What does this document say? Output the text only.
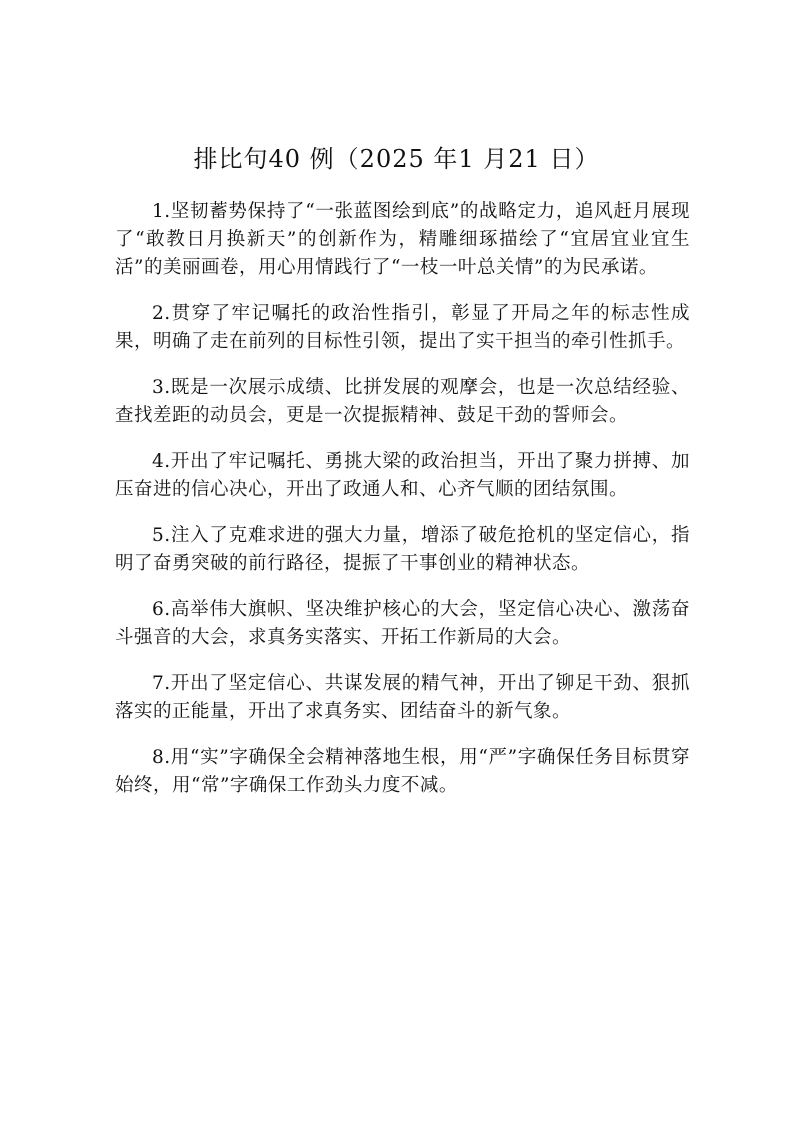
排比句40 例（2025 年1 月21 日）

1.坚韧蓄势保持了“一张蓝图绘到底”的战略定力，追风赶月展现了“敢教日月换新天”的创新作为，精雕细琢描绘了“宜居宜业宜生活”的美丽画卷，用心用情践行了“一枝一叶总关情”的为民承诺。

2.贯穿了牢记嘱托的政治性指引，彰显了开局之年的标志性成果，明确了走在前列的目标性引领，提出了实干担当的牵引性抓手。

3.既是一次展示成绩、比拼发展的观摩会，也是一次总结经验、查找差距的动员会，更是一次提振精神、鼓足干劲的誓师会。

4.开出了牢记嘱托、勇挑大梁的政治担当，开出了聚力拼搏、加压奋进的信心决心，开出了政通人和、心齐气顺的团结氛围。

5.注入了克难求进的强大力量，增添了破危抢机的坚定信心，指明了奋勇突破的前行路径，提振了干事创业的精神状态。

6.高举伟大旗帜、坚决维护核心的大会，坚定信心决心、激荡奋斗强音的大会，求真务实落实、开拓工作新局的大会。

7.开出了坚定信心、共谋发展的精气神，开出了铆足干劲、狠抓落实的正能量，开出了求真务实、团结奋斗的新气象。

8.用“实”字确保全会精神落地生根，用“严”字确保任务目标贯穿始终，用“常”字确保工作劲头力度不减。
